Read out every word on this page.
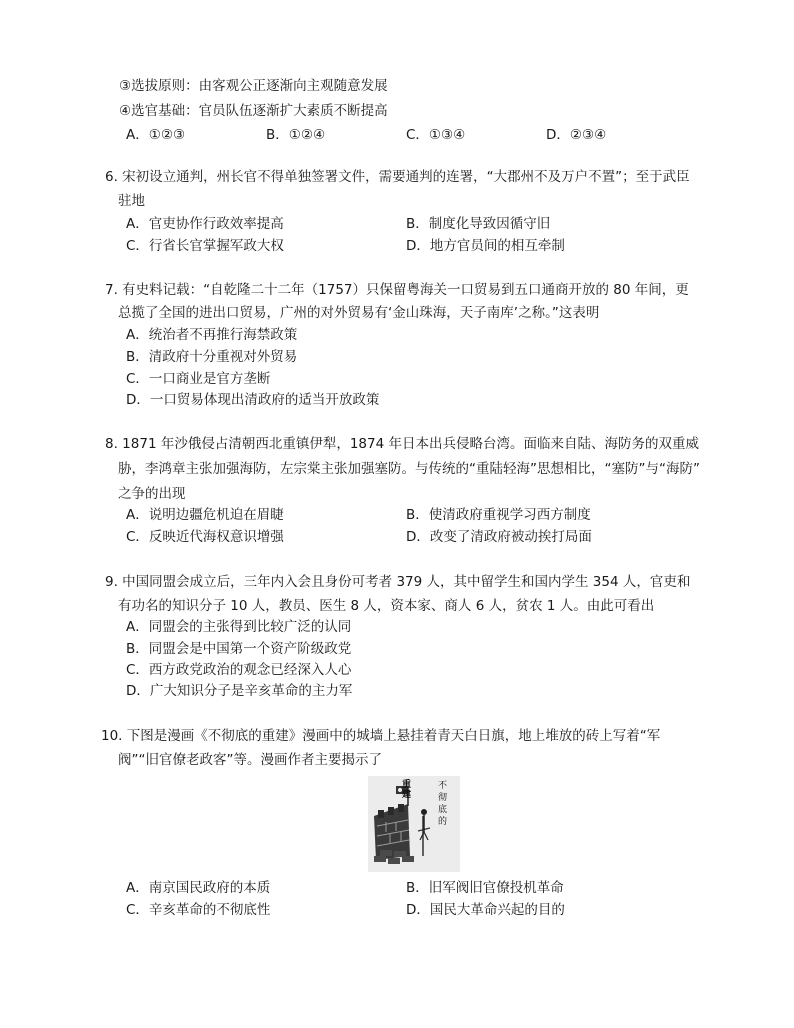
③选拔原则：由客观公正逐渐向主观随意发展
④选官基础：官员队伍逐渐扩大素质不断提高
A．①②③	B．①②④	C．①③④	D．②③④
6. 宋初设立通判，州长官不得单独签署文件，需要通判的连署，“大郡州不及万户不置”；至于武臣
驻地
A．官吏协作行政效率提高	B．制度化导致因循守旧
C．行省长官掌握军政大权	D．地方官员间的相互牵制
7. 有史料记载：“自乾隆二十二年（1757）只保留粤海关一口贸易到五口通商开放的 80 年间，更
总揽了全国的进出口贸易，广州的对外贸易有‘金山珠海，天子南库’之称。”这表明
A．统治者不再推行海禁政策
B．清政府十分重视对外贸易
C．一口商业是官方垄断
D．一口贸易体现出清政府的适当开放政策
8. 1871 年沙俄侵占清朝西北重镇伊犁，1874 年日本出兵侵略台湾。面临来自陆、海防务的双重威
胁，李鸿章主张加强海防，左宗棠主张加强塞防。与传统的“重陆轻海”思想相比，“塞防”与“海防”
之争的出现
A．说明边疆危机迫在眉睫	B．使清政府重视学习西方制度
C．反映近代海权意识增强	D．改变了清政府被动挨打局面
9. 中国同盟会成立后，三年内入会且身份可考者 379 人，其中留学生和国内学生 354 人，官吏和
有功名的知识分子 10 人，教员、医生 8 人，资本家、商人 6 人，贫农 1 人。由此可看出
A．同盟会的主张得到比较广泛的认同
B．同盟会是中国第一个资产阶级政党
C．西方政党政治的观念已经深入人心
D．广大知识分子是辛亥革命的主力军
10. 下图是漫画《不彻底的重建》漫画中的城墙上悬挂着青天白日旗，地上堆放的砖上写着“军
阀”“旧官僚老政客”等。漫画作者主要揭示了
重
建
不
彻
底
的
A．南京国民政府的本质	B．旧军阀旧官僚投机革命
C．辛亥革命的不彻底性	D．国民大革命兴起的目的
